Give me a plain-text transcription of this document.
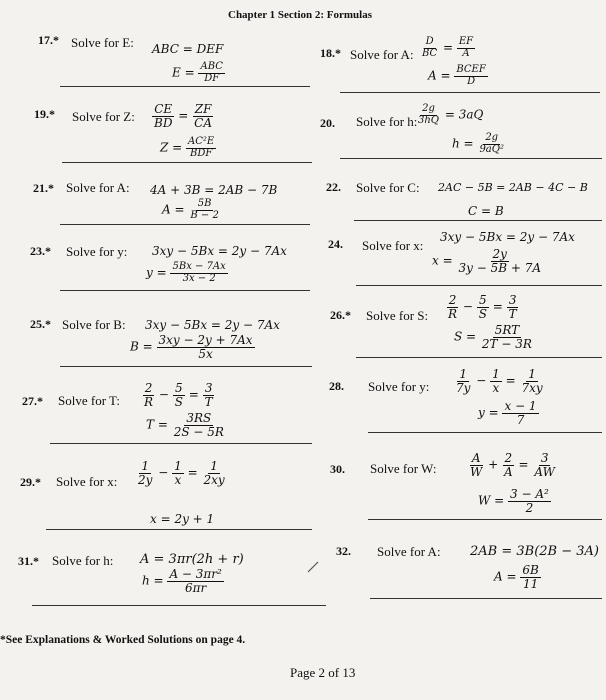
Chapter 1 Section 2: Formulas
17.* Solve for E: ABC = DEF
$E = \frac{\text{ABC}}{DF}$
18.* Solve for A: $\frac{D}{BC} = \frac{EF}{A}$
$A = \frac{\text{BCEF}}{D}$
19.* Solve for Z: $\frac{CE}{BD} = \frac{ZF}{CA}$
$Z = \frac{\text{AC²E}}{\text{BDF}}$
20. Solve for h:
$\frac{2g}{3hQ} = 3aQ$
$h = \frac{2g}{\text{9aQ²}}$
21.* Solve for A: 4A + 3B = 2AB − 7B
$A = \frac{5B}{B - 2}$
22. Solve for C: 2AC − 5B = 2AB − 4C − B
C = B
23.* Solve for y: 3xy − 5Bx = 2y − 7Ax
$y = \frac{5Bx - 7Ax}{3x - 2}$
24. Solve for x:
3xy − 5Bx = 2y − 7Ax
$x = \frac{2y}{3y - 5B + 7A}$
25.* Solve for B: 3xy − 5Bx = 2y − 7Ax
$B = \frac{3xy - 2y + 7Ax}{5x}$
26.* Solve for S: $\frac{2}{R} - \frac{5}{S} = \frac{3}{T}$
$S = \frac{5RT}{2T - 3R}$
27.* Solve for T: $\frac{2}{R} - \frac{5}{S} = \frac{3}{T}$
$T = \frac{3RS}{2S - 5R}$
28. Solve for y: $\frac{1}{7y} - \frac{1}{x} = \frac{1}{7xy}$
$y = \frac{x - 1}{7}$
29.* Solve for x: $\frac{1}{2y} - \frac{1}{x} = \frac{1}{2xy}$
x = 2y + 1
30. Solve for W:	$\frac{A}{W} + \frac{2}{A} = \frac{3}{AW}$
$W = \frac{\text{3 − A²}}{2}$
31.* Solve for h: A = 3πr(2h + r)
$h = \frac{\text{A − 3πr²}}{6\pi r}$
32. Solve for A: 2AB = 3B(2B − 3A)
$A = \frac{6B}{11}$
*See Explanations & Worked Solutions on page 4.
Page 2 of 13
